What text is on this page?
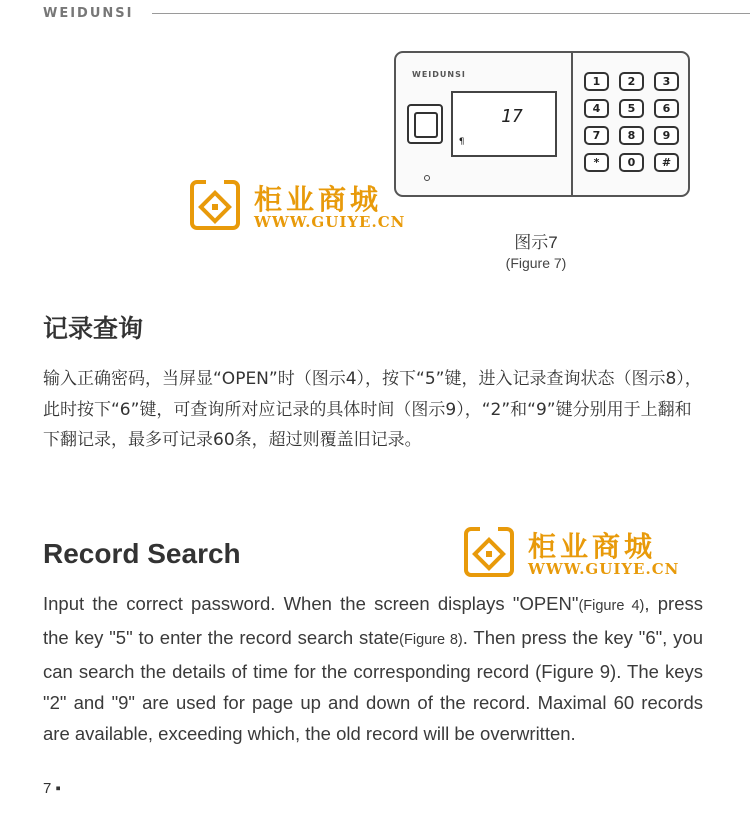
WEIDUNSI
WEIDUNSI
17
¶
1	2	3
4	5	6
7	8	9
*	0	#
图示7
(Figure 7)
柜业商城
WWW.GUIYE.CN
记录查询

输入正确密码，当屏显“OPEN”时（图示4），按下“5”键，进入记录查询状态（图示8），此时按下“6”键，可查询所对应记录的具体时间（图示9），“2”和“9”键分别用于上翻和下翻记录，最多可记录60条，超过则覆盖旧记录。

柜业商城
WWW.GUIYE.CN
Record Search

Input the correct password. When the screen displays "OPEN"(Figure 4), press the key "5" to enter the record search state(Figure 8). Then press the key "6", you can search the details of time for the corresponding record (Figure 9). The keys "2" and "9" are used for page up and down of the record. Maximal 60 records are available, exceeding which, the old record will be overwritten.

7 ▪
